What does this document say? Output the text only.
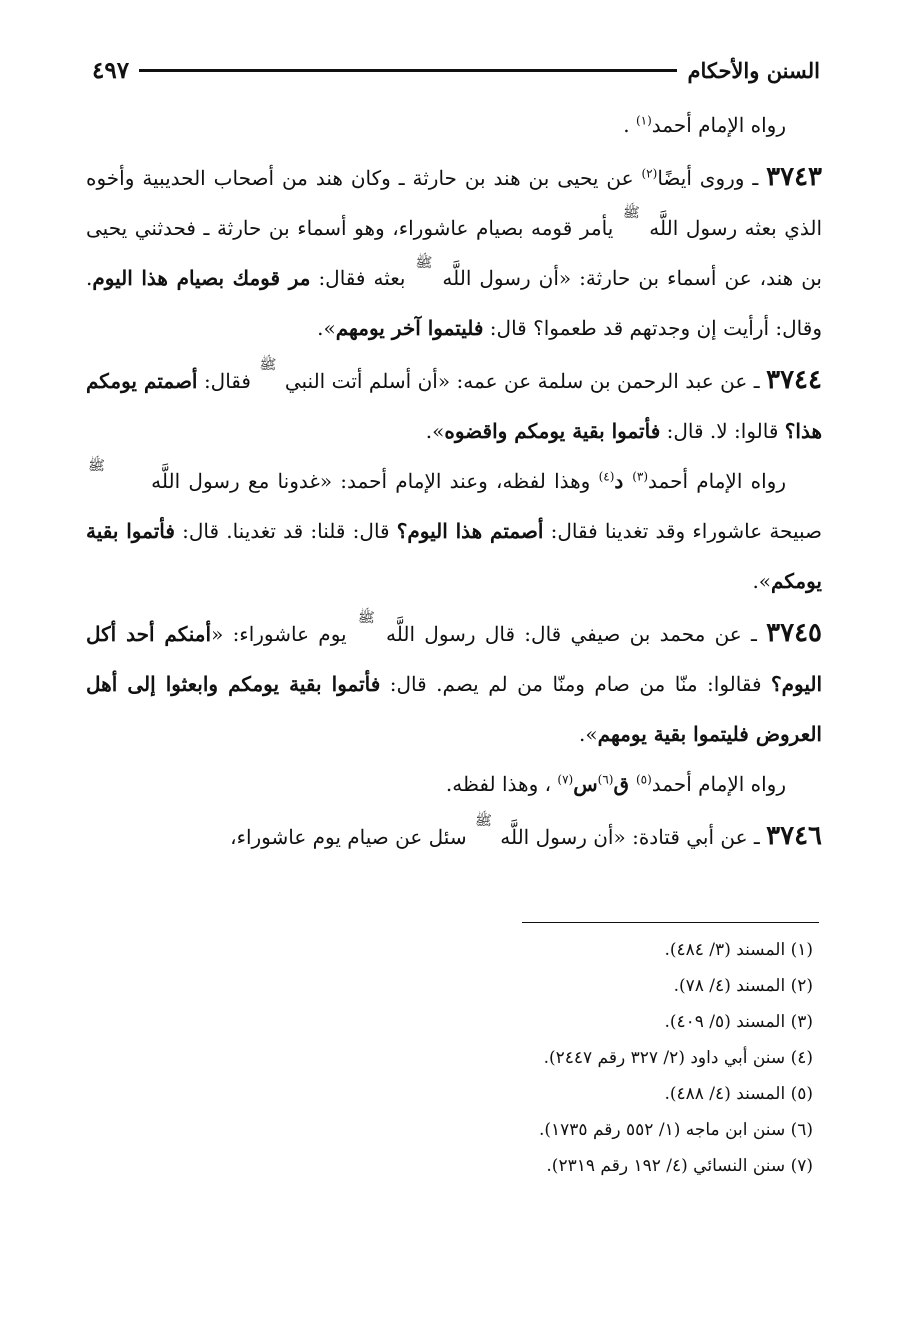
السنن والأحكام
٤٩٧

رواه الإمام أحمد$^{(١)}$ .

٣٧٤٣ ـ وروى أيضًا$^{(٢)}$ عن يحيى بن هند بن حارثة ـ وكان هند من أصحاب الحديبية وأخوه الذي بعثه رسول اللَّه ﷺ يأمر قومه بصيام عاشوراء، وهو أسماء بن حارثة ـ فحدثني يحيى بن هند، عن أسماء بن حارثة: «أن رسول اللَّه ﷺ بعثه فقال: مر قومك بصيام هذا اليوم. وقال: أرأيت إن وجدتهم قد طعموا؟ قال: فليتموا آخر يومهم».

٣٧٤٤ ـ عن عبد الرحمن بن سلمة عن عمه: «أن أسلم أتت النبي ﷺ فقال: أصمتم يومكم هذا؟ قالوا: لا. قال: فأتموا بقية يومكم واقضوه».

رواه الإمام أحمد$^{(٣)}$ د$^{(٤)}$ وهذا لفظه، وعند الإمام أحمد: «غدونا مع رسول اللَّه ﷺ صبيحة عاشوراء وقد تغدينا فقال: أصمتم هذا اليوم؟ قال: قلنا: قد تغدينا. قال: فأتموا بقية يومكم».

٣٧٤٥ ـ عن محمد بن صيفي قال: قال رسول اللَّه ﷺ يوم عاشوراء: «أمنكم أحد أكل اليوم؟ فقالوا: منّا من صام ومنّا من لم يصم. قال: فأتموا بقية يومكم وابعثوا إلى أهل العروض فليتموا بقية يومهم».

رواه الإمام أحمد$^{(٥)}$ ق$^{(٦)}$س$^{(٧)}$ ، وهذا لفظه.

٣٧٤٦ ـ عن أبي قتادة: «أن رسول اللَّه ﷺ سئل عن صيام يوم عاشوراء،

(١) المسند (٣/ ٤٨٤).

(٢) المسند (٤/ ٧٨).

(٣) المسند (٥/ ٤٠٩).

(٤) سنن أبي داود (٢/ ٣٢٧ رقم ٢٤٤٧).

(٥) المسند (٤/ ٤٨٨).

(٦) سنن ابن ماجه (١/ ٥٥٢ رقم ١٧٣٥).

(٧) سنن النسائي (٤/ ١٩٢ رقم ٢٣١٩).
